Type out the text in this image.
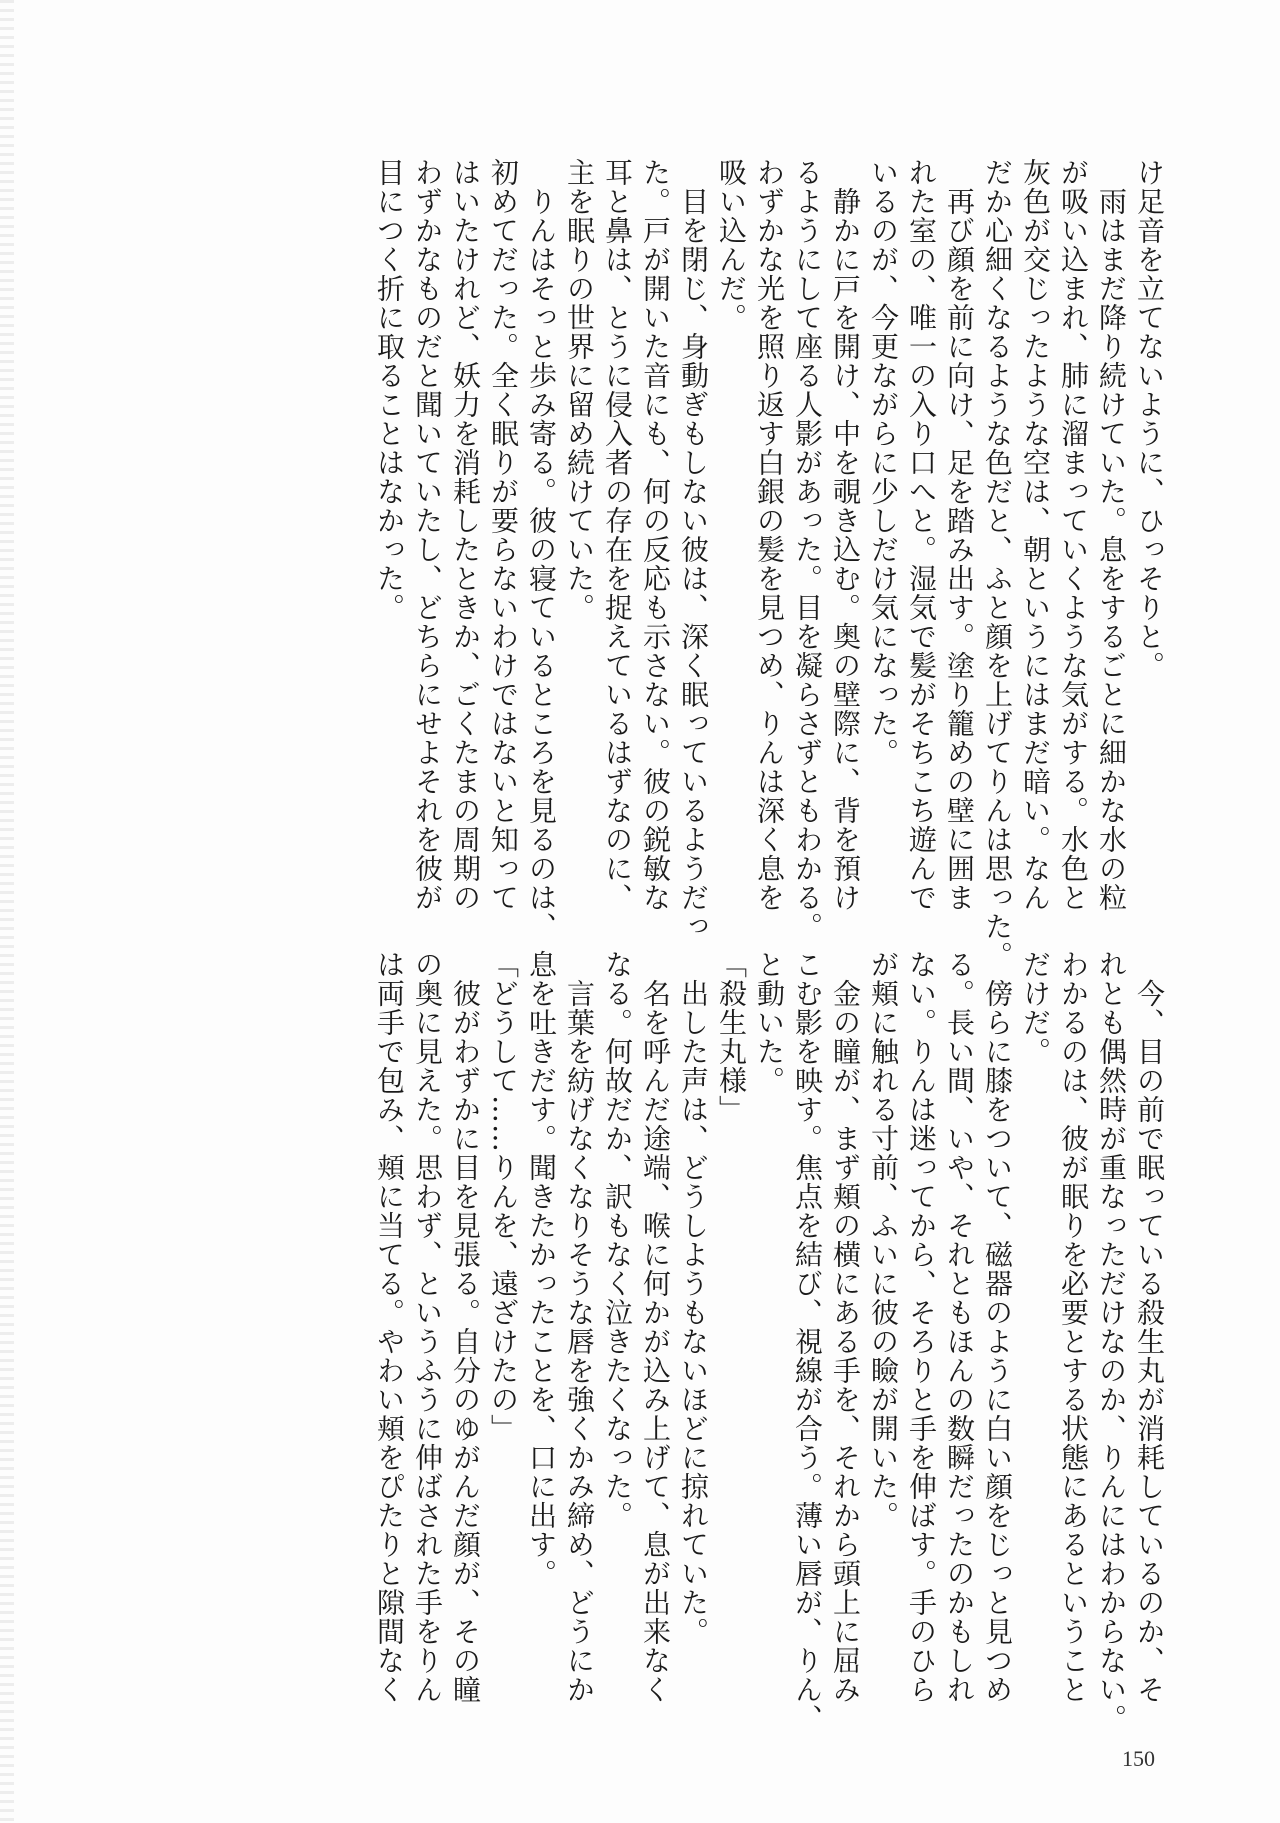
け足音を立てないように、ひっそりと。
　雨はまだ降り続けていた。息をするごとに細かな水の粒
が吸い込まれ、肺に溜まっていくような気がする。水色と
灰色が交じったような空は、朝というにはまだ暗い。なん
だか心細くなるような色だと、ふと顔を上げてりんは思った。
　再び顔を前に向け、足を踏み出す。塗り籠めの壁に囲ま
れた室の、唯一の入り口へと。湿気で髪がそちこち遊んで
いるのが、今更ながらに少しだけ気になった。
　静かに戸を開け、中を覗き込む。奥の壁際に、背を預け
るようにして座る人影があった。目を凝らさずともわかる。
わずかな光を照り返す白銀の髪を見つめ、りんは深く息を
吸い込んだ。
　目を閉じ、身動ぎもしない彼は、深く眠っているようだっ
た。戸が開いた音にも、何の反応も示さない。彼の鋭敏な
耳と鼻は、とうに侵入者の存在を捉えているはずなのに、
主を眠りの世界に留め続けていた。
　りんはそっと歩み寄る。彼の寝ているところを見るのは、
初めてだった。全く眠りが要らないわけではないと知って
はいたけれど、妖力を消耗したときか、ごくたまの周期の
わずかなものだと聞いていたし、どちらにせよそれを彼が
目につく折に取ることはなかった。
　今、目の前で眠っている殺生丸が消耗しているのか、そ
れとも偶然時が重なっただけなのか、りんにはわからない。
わかるのは、彼が眠りを必要とする状態にあるということ
だけだ。
　傍らに膝をついて、磁器のように白い顔をじっと見つめ
る。長い間、いや、それともほんの数瞬だったのかもしれ
ない。りんは迷ってから、そろりと手を伸ばす。手のひら
が頬に触れる寸前、ふいに彼の瞼が開いた。
　金の瞳が、まず頬の横にある手を、それから頭上に屈み
こむ影を映す。焦点を結び、視線が合う。薄い唇が、りん、
と動いた。
「殺生丸様」
　出した声は、どうしようもないほどに掠れていた。
　名を呼んだ途端、喉に何かが込み上げて、息が出来なく
なる。何故だか、訳もなく泣きたくなった。
　言葉を紡げなくなりそうな唇を強くかみ締め、どうにか
息を吐きだす。聞きたかったことを、口に出す。
「どうして……りんを、遠ざけたの」
　彼がわずかに目を見張る。自分のゆがんだ顔が、その瞳
の奥に見えた。思わず、というふうに伸ばされた手をりん
は両手で包み、頬に当てる。やわい頬をぴたりと隙間なく
150
